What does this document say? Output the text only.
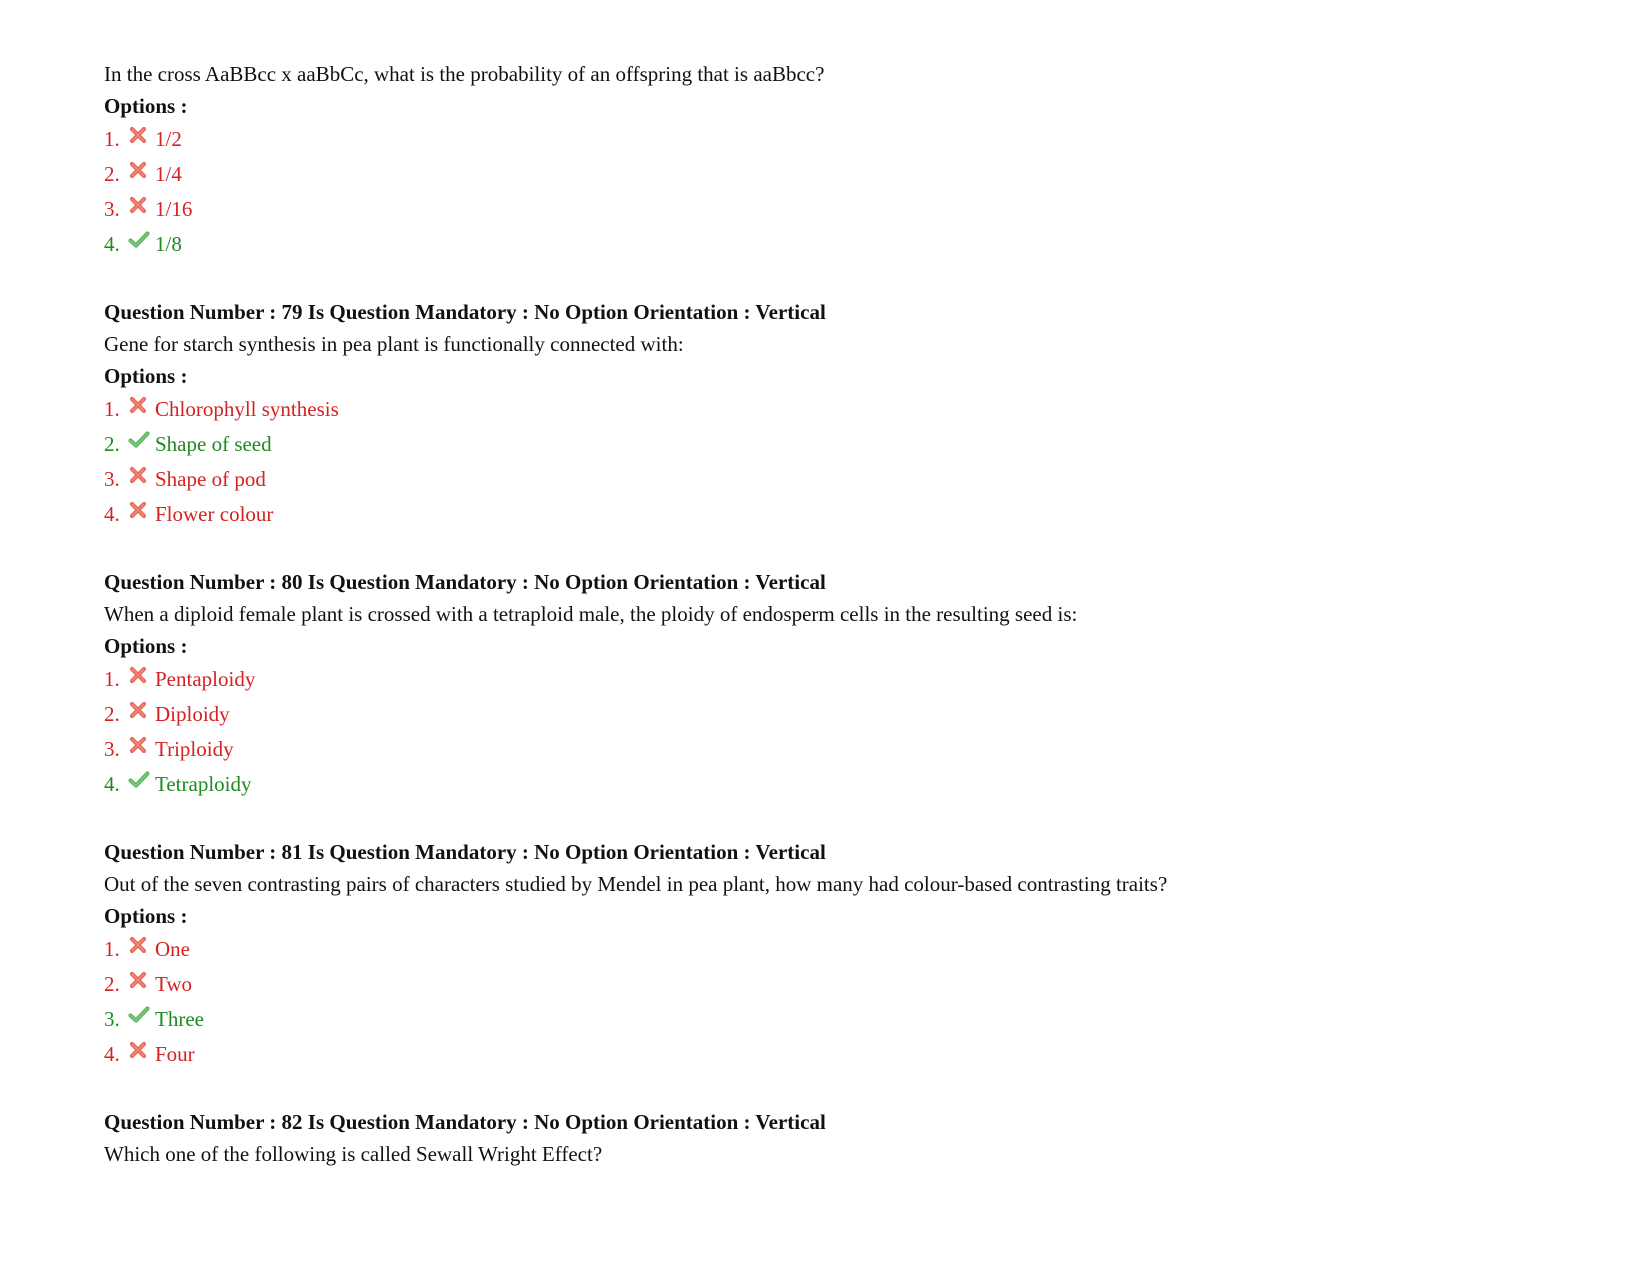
In the cross AaBBcc x aaBbCc, what is the probability of an offspring that is aaBbcc?
Options :
1.	1/2
2.	1/4
3.	1/16
4.	1/8
Question Number : 79 Is Question Mandatory : No Option Orientation : Vertical
Gene for starch synthesis in pea plant is functionally connected with:
Options :
1.	Chlorophyll synthesis
2.	Shape of seed
3.	Shape of pod
4.	Flower colour
Question Number : 80 Is Question Mandatory : No Option Orientation : Vertical
When a diploid female plant is crossed with a tetraploid male, the ploidy of endosperm cells in the resulting seed is:
Options :
1.	Pentaploidy
2.	Diploidy
3.	Triploidy
4.	Tetraploidy
Question Number : 81 Is Question Mandatory : No Option Orientation : Vertical
Out of the seven contrasting pairs of characters studied by Mendel in pea plant, how many had colour-based contrasting traits?
Options :
1.	One
2.	Two
3.	Three
4.	Four
Question Number : 82 Is Question Mandatory : No Option Orientation : Vertical
Which one of the following is called Sewall Wright Effect?
